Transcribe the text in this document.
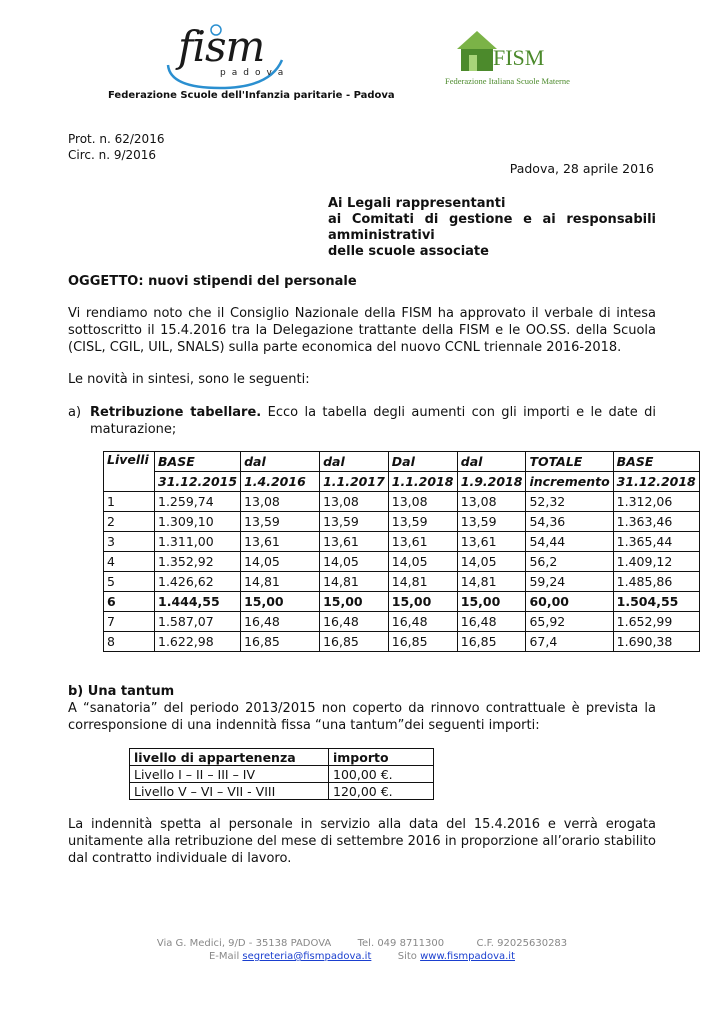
fism
padova
FISM
Federazione Italiana Scuole Materne
Federazione Scuole dell'Infanzia paritarie - Padova
Prot. n. 62/2016
Circ. n. 9/2016
Padova, 28 aprile 2016
Ai Legali rappresentanti
ai Comitati di gestione e ai responsabili
amministrativi
delle scuole associate
OGGETTO: nuovi stipendi del personale
Vi rendiamo noto che il Consiglio Nazionale della FISM ha approvato il verbale di intesa sottoscritto il 15.4.2016 tra la Delegazione trattante della FISM e le OO.SS. della Scuola (CISL, CGIL, UIL, SNALS) sulla parte economica del nuovo CCNL triennale 2016-2018.
Le novità in sintesi, sono le seguenti:
a) Retribuzione tabellare. Ecco la tabella degli aumenti con gli importi e le date di maturazione;
Livelli	BASE	dal	dal	Dal	dal	TOTALE	BASE
	31.12.2015	1.4.2016	1.1.2017	1.1.2018	1.9.2018	incremento	31.12.2018
1	1.259,74	13,08	13,08	13,08	13,08	52,32	1.312,06
2	1.309,10	13,59	13,59	13,59	13,59	54,36	1.363,46
3	1.311,00	13,61	13,61	13,61	13,61	54,44	1.365,44
4	1.352,92	14,05	14,05	14,05	14,05	56,2	1.409,12
5	1.426,62	14,81	14,81	14,81	14,81	59,24	1.485,86
6	1.444,55	15,00	15,00	15,00	15,00	60,00	1.504,55
7	1.587,07	16,48	16,48	16,48	16,48	65,92	1.652,99
8	1.622,98	16,85	16,85	16,85	16,85	67,4	1.690,38
b) Una tantum
A “sanatoria” del periodo 2013/2015 non coperto da rinnovo contrattuale è prevista la corresponsione di una indennità fissa “una tantum”dei seguenti importi:
livello di appartenenza	importo
Livello I – II – III – IV	100,00 €.
Livello V – VI – VII - VIII	120,00 €.
La indennità spetta al personale in servizio alla data del 15.4.2016 e verrà erogata unitamente alla retribuzione del mese di settembre 2016 in proporzione all’orario stabilito dal contratto individuale di lavoro.
Via G. Medici, 9/D - 35138 PADOVA	Tel. 049 8711300	C.F. 92025630283
E-Mail segreteria@fismpadova.it	Sito www.fismpadova.it
